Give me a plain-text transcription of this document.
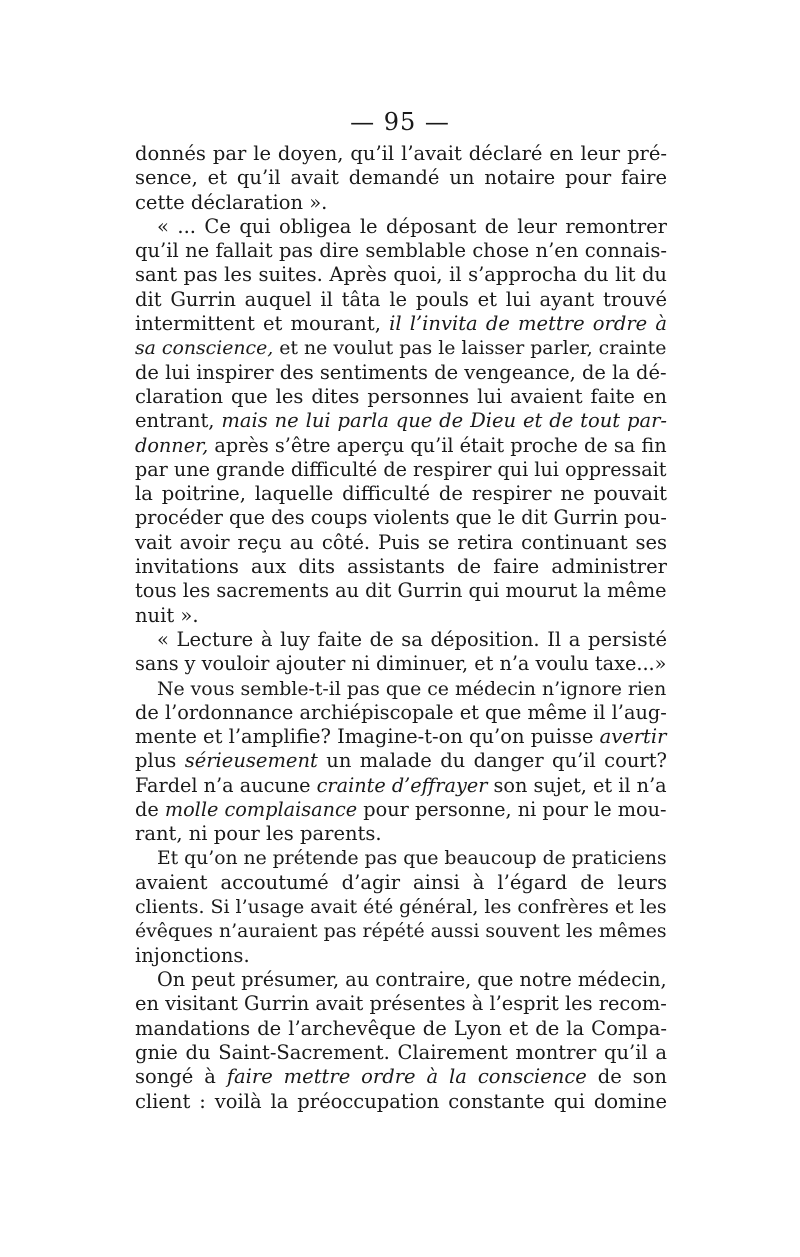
— 95 —
donnés par le doyen, qu’il l’avait déclaré en leur pré-
sence, et qu’il avait demandé un notaire pour faire
cette déclaration ».
« ... Ce qui obligea le déposant de leur remontrer
qu’il ne fallait pas dire semblable chose n’en connais-
sant pas les suites. Après quoi, il s’approcha du lit du
dit Gurrin auquel il tâta le pouls et lui ayant trouvé
intermittent et mourant, il l’invita de mettre ordre à
sa conscience, et ne voulut pas le laisser parler, crainte
de lui inspirer des sentiments de vengeance, de la dé-
claration que les dites personnes lui avaient faite en
entrant, mais ne lui parla que de Dieu et de tout par-
donner, après s’être aperçu qu’il était proche de sa fin
par une grande difficulté de respirer qui lui oppressait
la poitrine, laquelle difficulté de respirer ne pouvait
procéder que des coups violents que le dit Gurrin pou-
vait avoir reçu au côté. Puis se retira continuant ses
invitations aux dits assistants de faire administrer
tous les sacrements au dit Gurrin qui mourut la même
nuit ».
« Lecture à luy faite de sa déposition. Il a persisté
sans y vouloir ajouter ni diminuer, et n’a voulu taxe...»
Ne vous semble-t-il pas que ce médecin n’ignore rien
de l’ordonnance archiépiscopale et que même il l’aug-
mente et l’amplifie? Imagine-t-on qu’on puisse avertir
plus sérieusement un malade du danger qu’il court?
Fardel n’a aucune crainte d’effrayer son sujet, et il n’a
de molle complaisance pour personne, ni pour le mou-
rant, ni pour les parents.
Et qu’on ne prétende pas que beaucoup de praticiens
avaient accoutumé d’agir ainsi à l’égard de leurs
clients. Si l’usage avait été général, les confrères et les
évêques n’auraient pas répété aussi souvent les mêmes
injonctions.
On peut présumer, au contraire, que notre médecin,
en visitant Gurrin avait présentes à l’esprit les recom-
mandations de l’archevêque de Lyon et de la Compa-
gnie du Saint-Sacrement. Clairement montrer qu’il a
songé à faire mettre ordre à la conscience de son
client : voilà la préoccupation constante qui domine
